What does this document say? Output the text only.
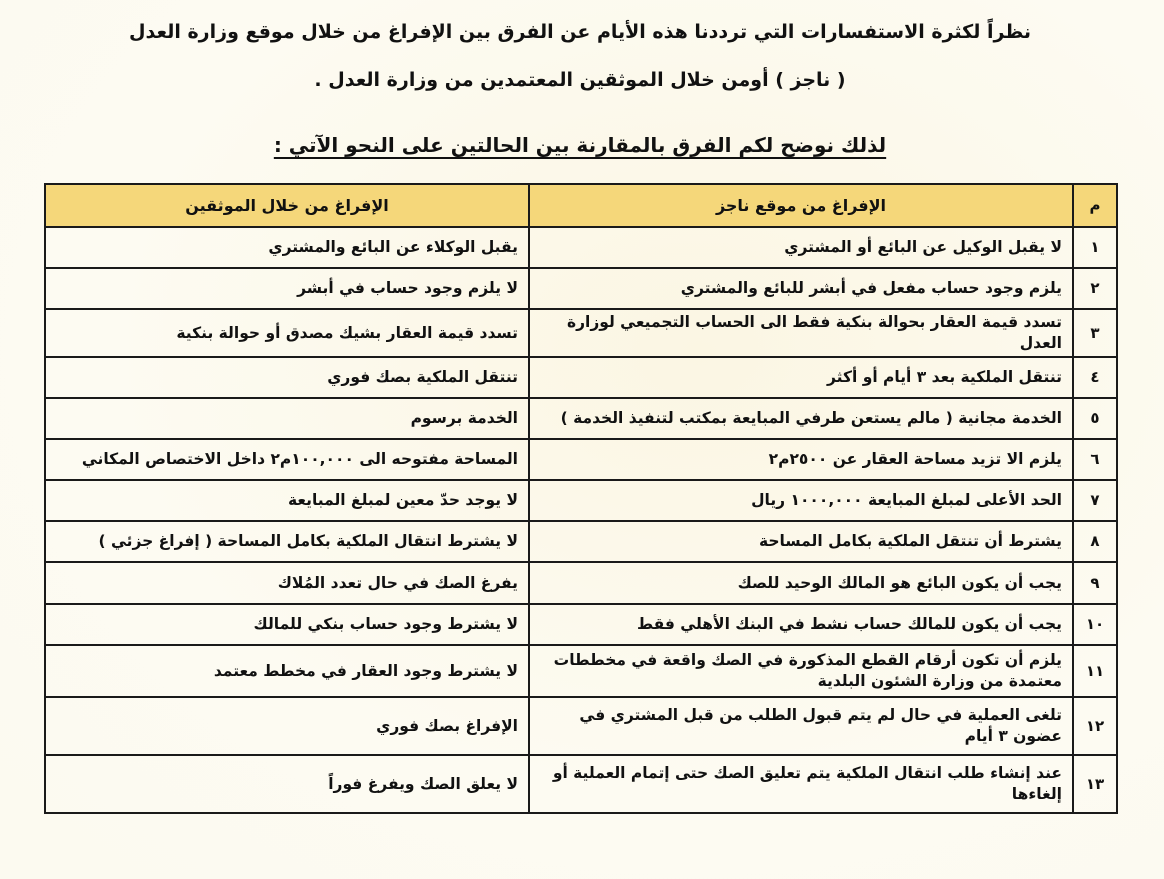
نظراً لكثرة الاستفسارات التي ترددنا هذه الأيام عن الفرق بين الإفراغ من خلال موقع وزارة العدل
( ناجز ) أومن خلال الموثقين المعتمدين من وزارة العدل .
لذلك نوضح لكم الفرق بالمقارنة بين الحالتين على النحو الآتي :
م	الإفراغ من موقع ناجز	الإفراغ من خلال الموثقين
١	لا يقبل الوكيل عن البائع أو المشتري	يقبل الوكلاء عن البائع والمشتري
٢	يلزم وجود حساب مفعل في أبشر للبائع والمشتري	لا يلزم وجود حساب في أبشر
٣	تسدد قيمة العقار بحوالة بنكية فقط الى الحساب التجميعي لوزارة العدل	تسدد قيمة العقار بشيك مصدق أو حوالة بنكية
٤	تنتقل الملكية بعد ٣ أيام أو أكثر	تنتقل الملكية بصك فوري
٥	الخدمة مجانية ( مالم يستعن طرفي المبايعة بمكتب لتنفيذ الخدمة )	الخدمة برسوم
٦	يلزم الا تزيد مساحة العقار عن ٢٥٠٠م٢	المساحة مفتوحه الى ١٠٠,٠٠٠م٢ داخل الاختصاص المكاني
٧	الحد الأعلى لمبلغ المبايعة ١٠٠٠,٠٠٠ ريال	لا يوجد حدّ معين لمبلغ المبايعة
٨	يشترط أن تنتقل الملكية بكامل المساحة	لا يشترط انتقال الملكية بكامل المساحة ( إفراغ جزئي )
٩	يجب أن يكون البائع هو المالك الوحيد للصك	يفرغ الصك في حال تعدد المُلاك
١٠	يجب أن يكون للمالك حساب نشط في البنك الأهلي فقط	لا يشترط وجود حساب بنكي للمالك
١١	يلزم أن تكون أرقام القطع المذكورة في الصك واقعة في مخططات معتمدة من وزارة الشئون البلدية	لا يشترط وجود العقار في مخطط معتمد
١٢	تلغى العملية في حال لم يتم قبول الطلب من قبل المشتري في عضون ٣ أيام	الإفراغ بصك فوري
١٣	عند إنشاء طلب انتقال الملكية يتم تعليق الصك حتى إتمام العملية أو إلغاءها	لا يعلق الصك ويفرغ فوراً
